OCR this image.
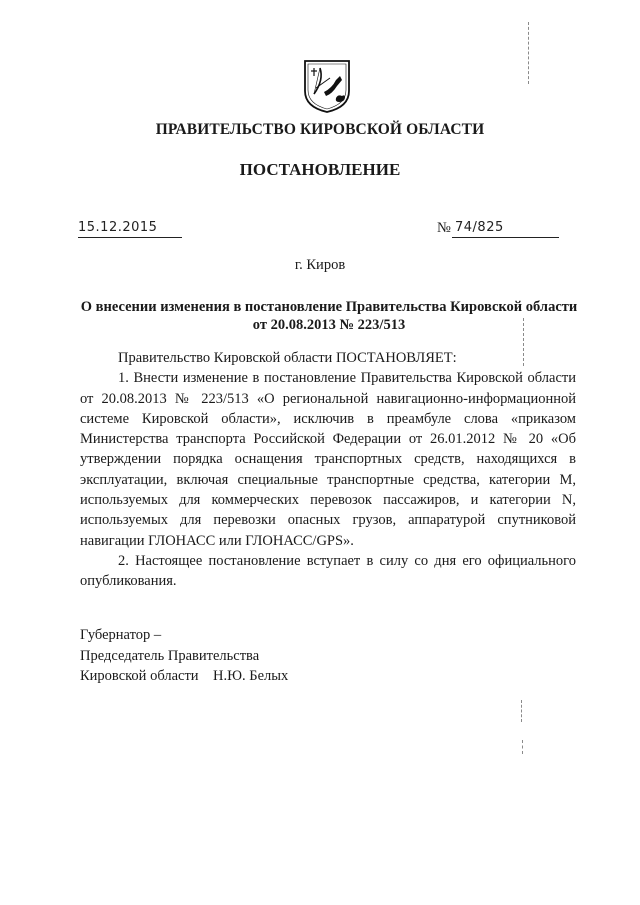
ПРАВИТЕЛЬСТВО КИРОВСКОЙ ОБЛАСТИ
ПОСТАНОВЛЕНИЕ
15.12.2015	№ 74/825
г. Киров
О внесении изменения в постановление Правительства Кировской области от 20.08.2013 № 223/513

Правительство Кировской области ПОСТАНОВЛЯЕТ:

1. Внести изменение в постановление Правительства Кировской области от 20.08.2013 № 223/513 «О региональной навигационно-информационной системе Кировской области», исключив в преамбуле слова «приказом Министерства транспорта Российской Федерации от 26.01.2012 № 20 «Об утверждении порядка оснащения транспортных средств, находящихся в эксплуатации, включая специальные транспортные средства, категории М, используемых для коммерческих перевозок пассажиров, и категории N, используемых для перевозки опасных грузов, аппаратурой спутниковой навигации ГЛОНАСС или ГЛОНАСС/GPS».

2. Настоящее постановление вступает в силу со дня его официального опубликования.

Губернатор –
Председатель Правительства
Кировской области    Н.Ю. Белых
